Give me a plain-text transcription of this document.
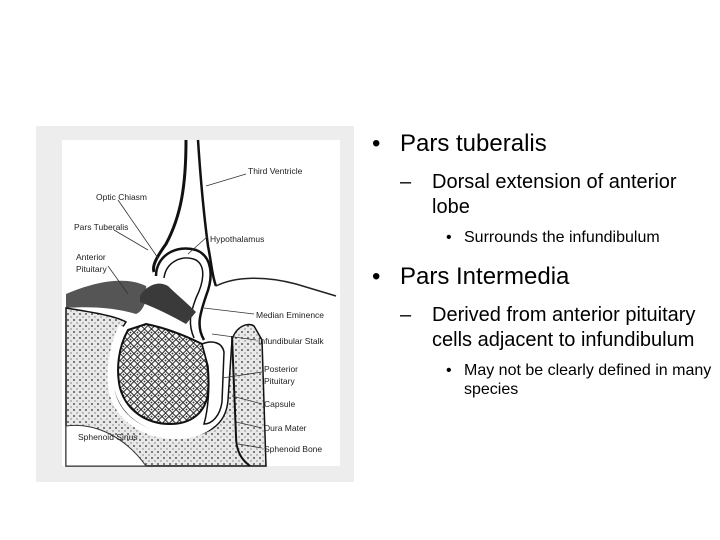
Third Ventricle
Optic Chiasm
Pars Tuberalis
Hypothalamus
Anterior
Pituitary
Median Eminence
Infundibular Stalk
Posterior
Pituitary
Capsule
Dura Mater
Sphenoid Sinus
Sphenoid Bone
• Pars tuberalis
– Dorsal extension of anterior lobe
• Surrounds the infundibulum
• Pars Intermedia
– Derived from anterior pituitary cells adjacent to infundibulum
• May not be clearly defined in many species
